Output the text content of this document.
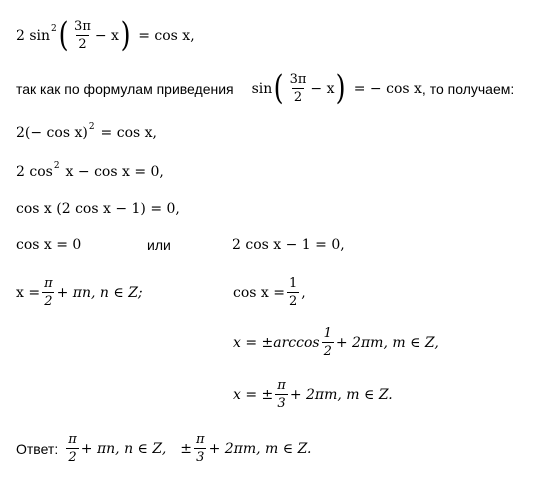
2 sin 2 ( $\frac{3\pi}{2} - x$ ) = cos x,
так как по формулам приведения sin ( $\frac{3\pi}{2} - x$ ) = − cos x , то получаем:
2(− cos x) 2 = cos x,
2 cos 2 x − cos x = 0,
cos x (2 cos x − 1) = 0,
cos x = 0	или	2 cos x − 1 = 0,
$x = \frac{\pi}{2} + \pi n$, n ∈ Z;	$\cos x = \frac{1}{2}$ ,
$x = \pm\arccos \frac{1}{2} + 2\pi m$, m ∈ Z,
x = ± $\frac{\pi}{3} + 2\pi m$, m ∈ Z.
Ответ: $\frac{\pi}{2} + \pi n$, n ∈ Z, ± $\frac{\pi}{3} + 2\pi m$, m ∈ Z.
